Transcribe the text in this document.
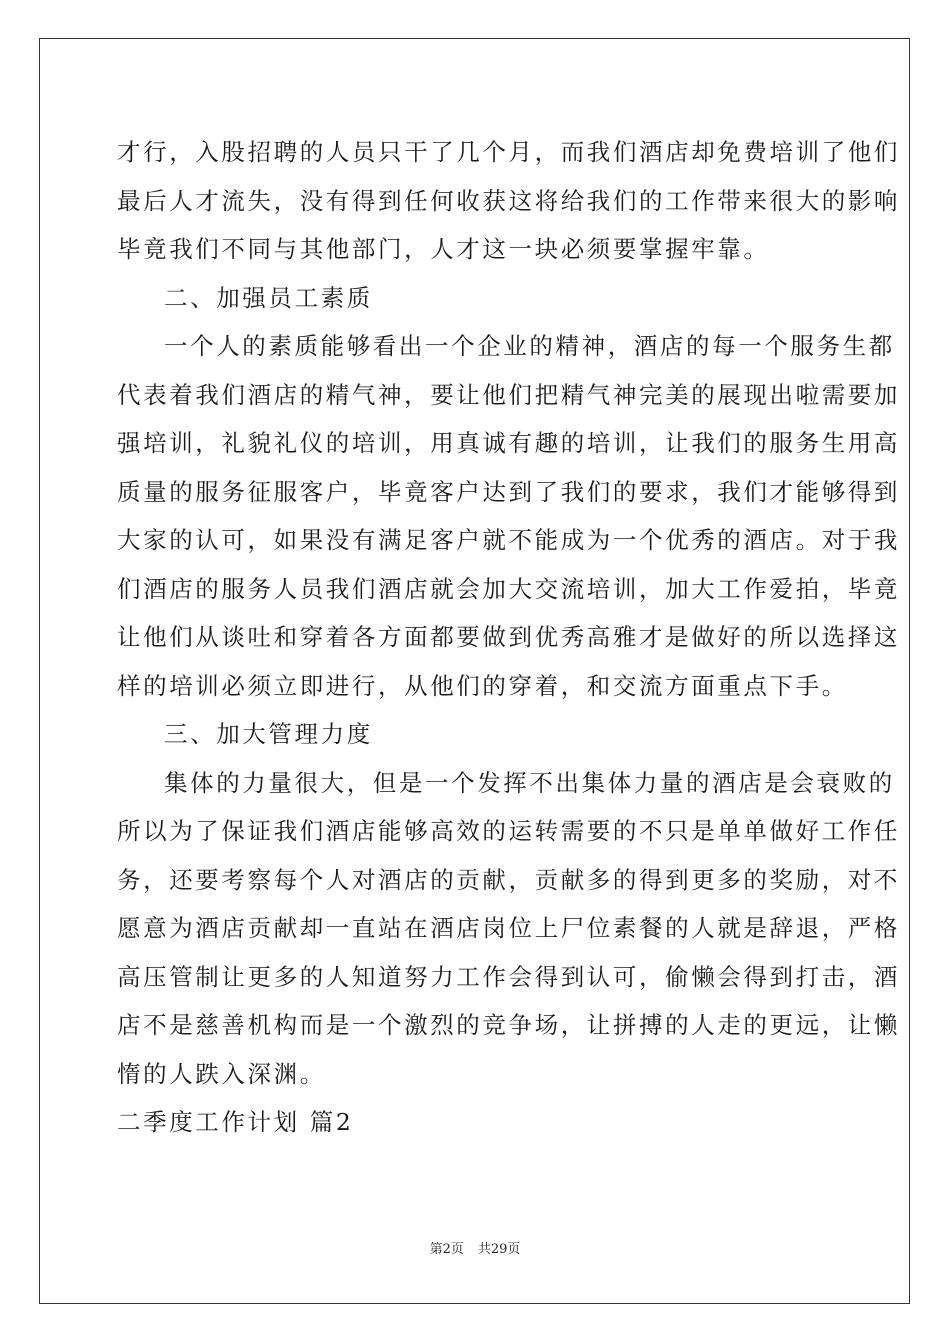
才行，入股招聘的人员只干了几个月，而我们酒店却免费培训了他们
最后人才流失，没有得到任何收获这将给我们的工作带来很大的影响
毕竟我们不同与其他部门，人才这一块必须要掌握牢靠。
二、加强员工素质
一个人的素质能够看出一个企业的精神，酒店的每一个服务生都
代表着我们酒店的精气神，要让他们把精气神完美的展现出啦需要加
强培训，礼貌礼仪的培训，用真诚有趣的培训，让我们的服务生用高
质量的服务征服客户，毕竟客户达到了我们的要求，我们才能够得到
大家的认可，如果没有满足客户就不能成为一个优秀的酒店。对于我
们酒店的服务人员我们酒店就会加大交流培训，加大工作爱拍，毕竟
让他们从谈吐和穿着各方面都要做到优秀高雅才是做好的所以选择这
样的培训必须立即进行，从他们的穿着，和交流方面重点下手。
三、加大管理力度
集体的力量很大，但是一个发挥不出集体力量的酒店是会衰败的
所以为了保证我们酒店能够高效的运转需要的不只是单单做好工作任
务，还要考察每个人对酒店的贡献，贡献多的得到更多的奖励，对不
愿意为酒店贡献却一直站在酒店岗位上尸位素餐的人就是辞退，严格
高压管制让更多的人知道努力工作会得到认可，偷懒会得到打击，酒
店不是慈善机构而是一个激烈的竞争场，让拼搏的人走的更远，让懒
惰的人跌入深渊。
二季度工作计划 篇2
第2页 共29页
